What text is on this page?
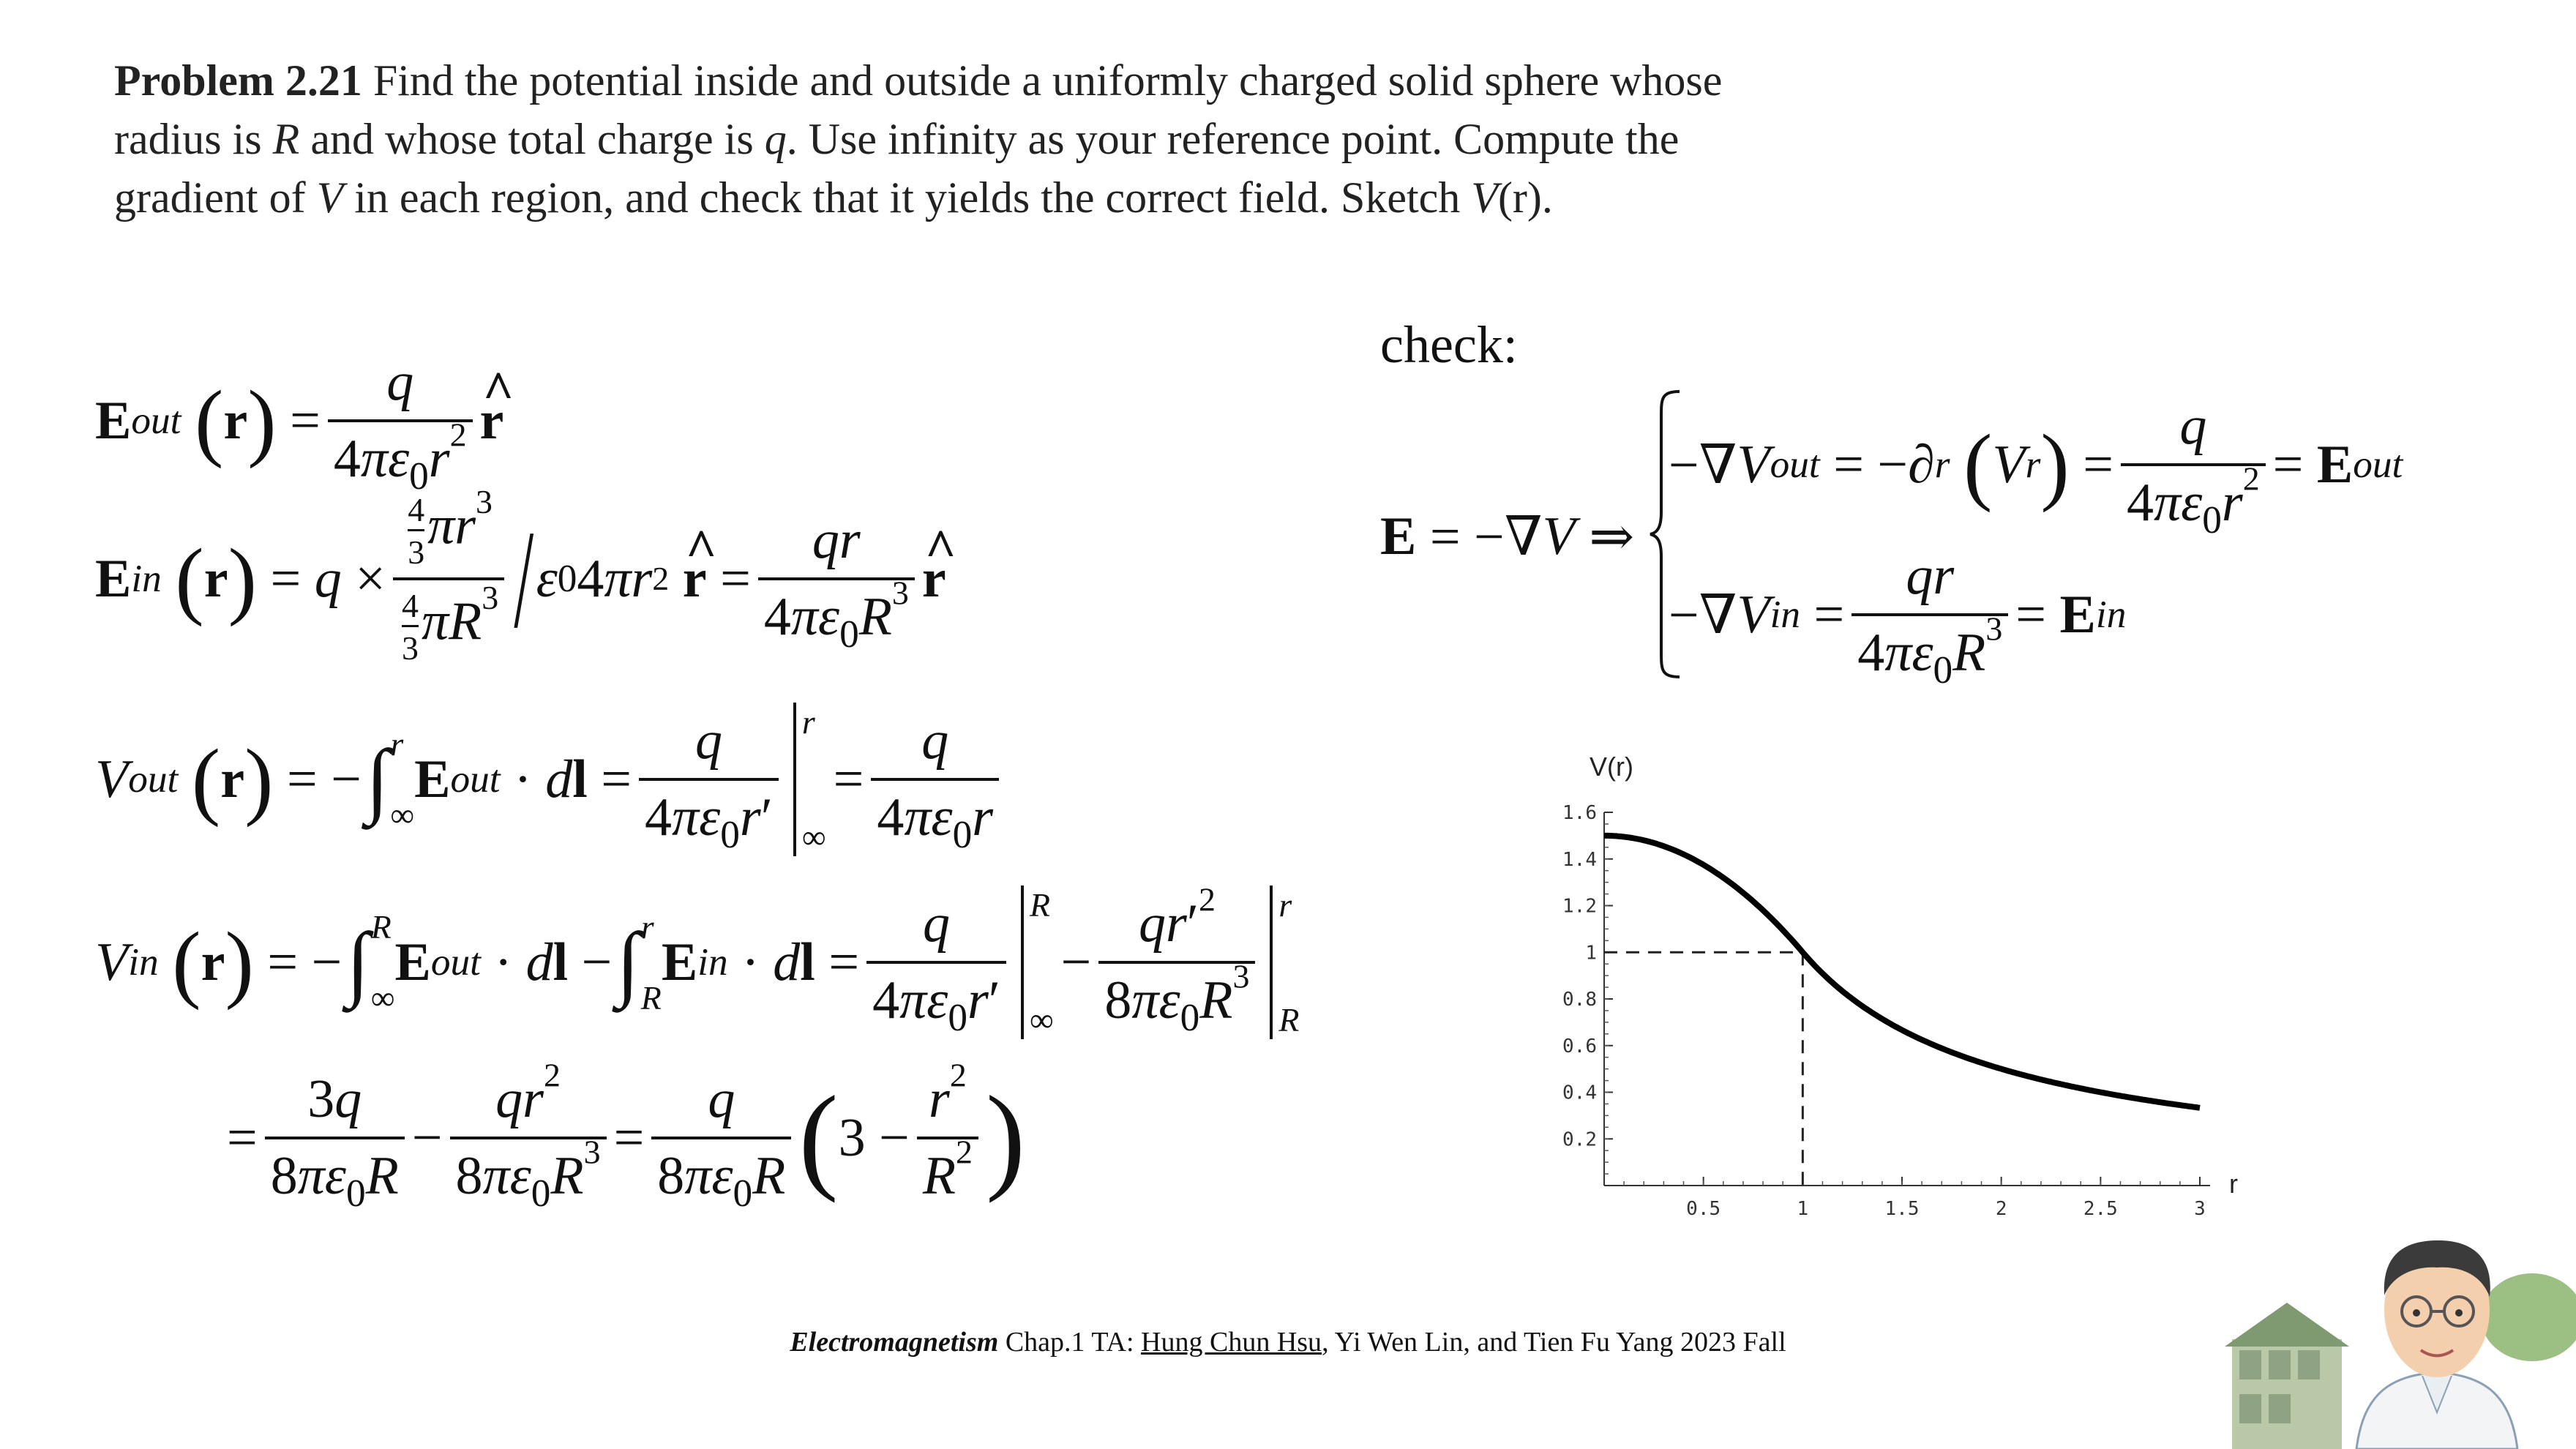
Problem 2.21 Find the potential inside and outside a uniformly charged solid sphere whose radius is R and whose total charge is q. Use infinity as your reference point. Compute the gradient of V in each region, and check that it yields the correct field. Sketch V(r).
E out
( r ) = $\frac{q}{4\pi\varepsilon_0r^2}$ ^ r
E in
( r ) = $q \times \frac{\frac{4}{3} \pi r^3}{\frac{4}{3} \pi R^3} / \varepsilon$ 0 4 πr 2
^ $r = \frac{qr}{4\pi\varepsilon_0R^3}$ ^ r
V out
( r ) = − ∫ r
∞
E out · d $l = \frac{q}{4\pi\varepsilon_0r'}$ r
∞
= $\frac{q}{4\pi\varepsilon_0r}$
V in
( r ) = − ∫ R
∞
E out · d l − ∫ r
R
E in · d $l = \frac{q}{4\pi\varepsilon_0r'}$ R
∞
− $\frac{qr'^2}{8\pi\varepsilon_0R^3}$ r
R
= $\frac{3q}{8\pi\varepsilon_0R} - \frac{qr^2}{8\pi\varepsilon_0R^3} = \frac{q}{8\pi\varepsilon_0R}$ ( $3 - \frac{r^2}{R^2}$ )
check:
E = −∇ V ⇒
−∇ V out = −∂ r
( V r ) = $\frac{q}{4\pi\varepsilon_0r^2} = E$ out
−∇ V in = $\frac{qr}{4\pi\varepsilon_0R^3} = E$ in
V(r)
r
0.5	1	1.5	2	2.5	3
0.2
0.4
0.6
0.8
1
1.2
1.4
1.6
Electromagnetism Chap.1 TA: Hung Chun Hsu, Yi Wen Lin, and Tien Fu Yang 2023 Fall
